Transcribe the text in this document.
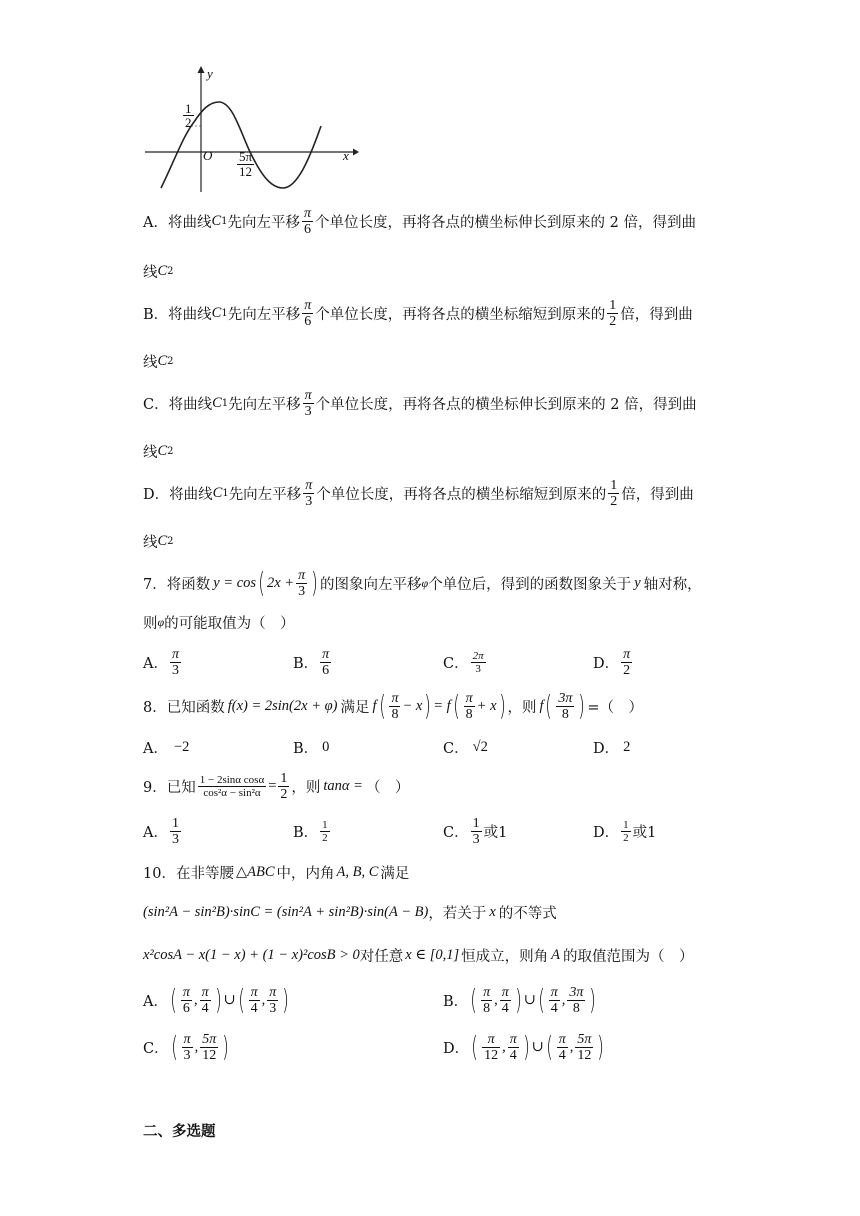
y
x
O
$\frac{1}{2}$
$\frac{5\pi}{12}$
A． 将曲线 C 1 先向左平移 $\frac{\pi}{6}$ 个单位长度，再将各点的横坐标伸长到原来的 2 倍，得到曲
线 C 2
B． 将曲线 C 1 先向左平移 $\frac{\pi}{6}$ 个单位长度，再将各点的横坐标缩短到原来的 $\frac{1}{2}$ 倍，得到曲
线 C 2
C． 将曲线 C 1 先向左平移 $\frac{\pi}{3}$ 个单位长度，再将各点的横坐标伸长到原来的 2 倍，得到曲
线 C 2
D． 将曲线 C 1 先向左平移 $\frac{\pi}{3}$ 个单位长度，再将各点的横坐标缩短到原来的 $\frac{1}{2}$ 倍，得到曲
线 C 2
7．将函数 y = cos ( $2x + \frac{\pi}{3}$ ) 的图象向左平移 φ 个单位后，得到的函数图象关于 y 轴对称，
则 φ 的可能取值为（　）
A． $\frac{\pi}{3}$	B． $\frac{\pi}{6}$	C． $\frac{2\pi}{3}$	D． $\frac{\pi}{2}$
8．已知函数 f(x) = 2sin(2x + φ) 满足 f ( $\frac{\pi}{8} - x$ ) = f ( $\frac{\pi}{8} + x$ ) ，则 f ( $\frac{3\pi}{8}$ ) =（　）
A． −2	B． 0	C． √2	D． 2
9．已知 $\frac{\text{1 − 2sinα cosα}}{\text{cos²α − sin²α}} = \frac{1}{2}$ ，则 tanα = （　）
A． $\frac{1}{3}$	B． $\frac{1}{2}$	C． $\frac{1}{3}$ 或1	D． $\frac{1}{2}$ 或1
10．在非等腰 △ABC 中，内角 A, B, C 满足
(sin²A − sin²B)·sinC = (sin²A + sin²B)·sin(A − B) ，若关于 x 的不等式
x²cosA − x(1 − x) + (1 − x)²cosB > 0 对任意 x ∈ [0,1] 恒成立，则角 A 的取值范围为（　）
A． ( $\frac{\pi}{6}$ , $\frac{\pi}{4}$ ) ∪ ( $\frac{\pi}{4}$ , $\frac{\pi}{3}$ )	B． ( $\frac{\pi}{8}$ , $\frac{\pi}{4}$ ) ∪ ( $\frac{\pi}{4}$ , $\frac{3\pi}{8}$ )
C． ( $\frac{\pi}{3}$ , $\frac{5\pi}{12}$ )	D． ( $\frac{\pi}{12}$ , $\frac{\pi}{4}$ ) ∪ ( $\frac{\pi}{4}$ , $\frac{5\pi}{12}$ )
二、多选题
